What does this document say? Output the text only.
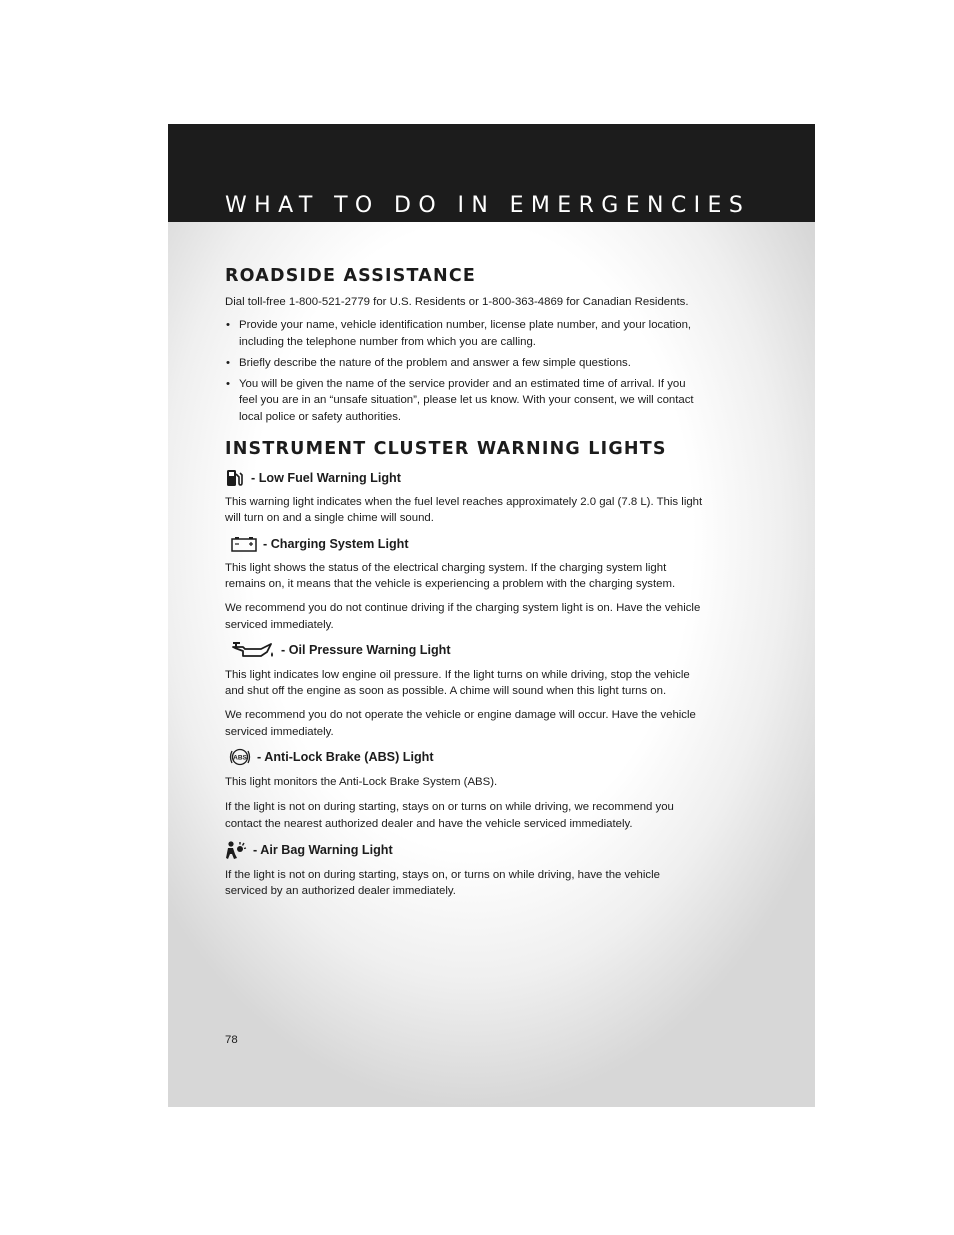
WHAT TO DO IN EMERGENCIES
ROADSIDE ASSISTANCE

Dial toll-free 1-800-521-2779 for U.S. Residents or 1-800-363-4869 for Canadian Residents.

• Provide your name, vehicle identification number, license plate number, and your location, including the telephone number from which you are calling.
• Briefly describe the nature of the problem and answer a few simple questions.
• You will be given the name of the service provider and an estimated time of arrival. If you feel you are in an “unsafe situation”, please let us know. With your consent, we will contact local police or safety authorities.
INSTRUMENT CLUSTER WARNING LIGHTS
- Low Fuel Warning Light

This warning light indicates when the fuel level reaches approximately 2.0 gal (7.8 L). This light will turn on and a single chime will sound.

- Charging System Light

This light shows the status of the electrical charging system. If the charging system light remains on, it means that the vehicle is experiencing a problem with the charging system.

We recommend you do not continue driving if the charging system light is on. Have the vehicle serviced immediately.

- Oil Pressure Warning Light

This light indicates low engine oil pressure. If the light turns on while driving, stop the vehicle and shut off the engine as soon as possible. A chime will sound when this light turns on.

We recommend you do not operate the vehicle or engine damage will occur. Have the vehicle serviced immediately.

ABS - Anti-Lock Brake (ABS) Light

This light monitors the Anti-Lock Brake System (ABS).

If the light is not on during starting, stays on or turns on while driving, we recommend you contact the nearest authorized dealer and have the vehicle serviced immediately.

- Air Bag Warning Light

If the light is not on during starting, stays on, or turns on while driving, have the vehicle serviced by an authorized dealer immediately.

78
